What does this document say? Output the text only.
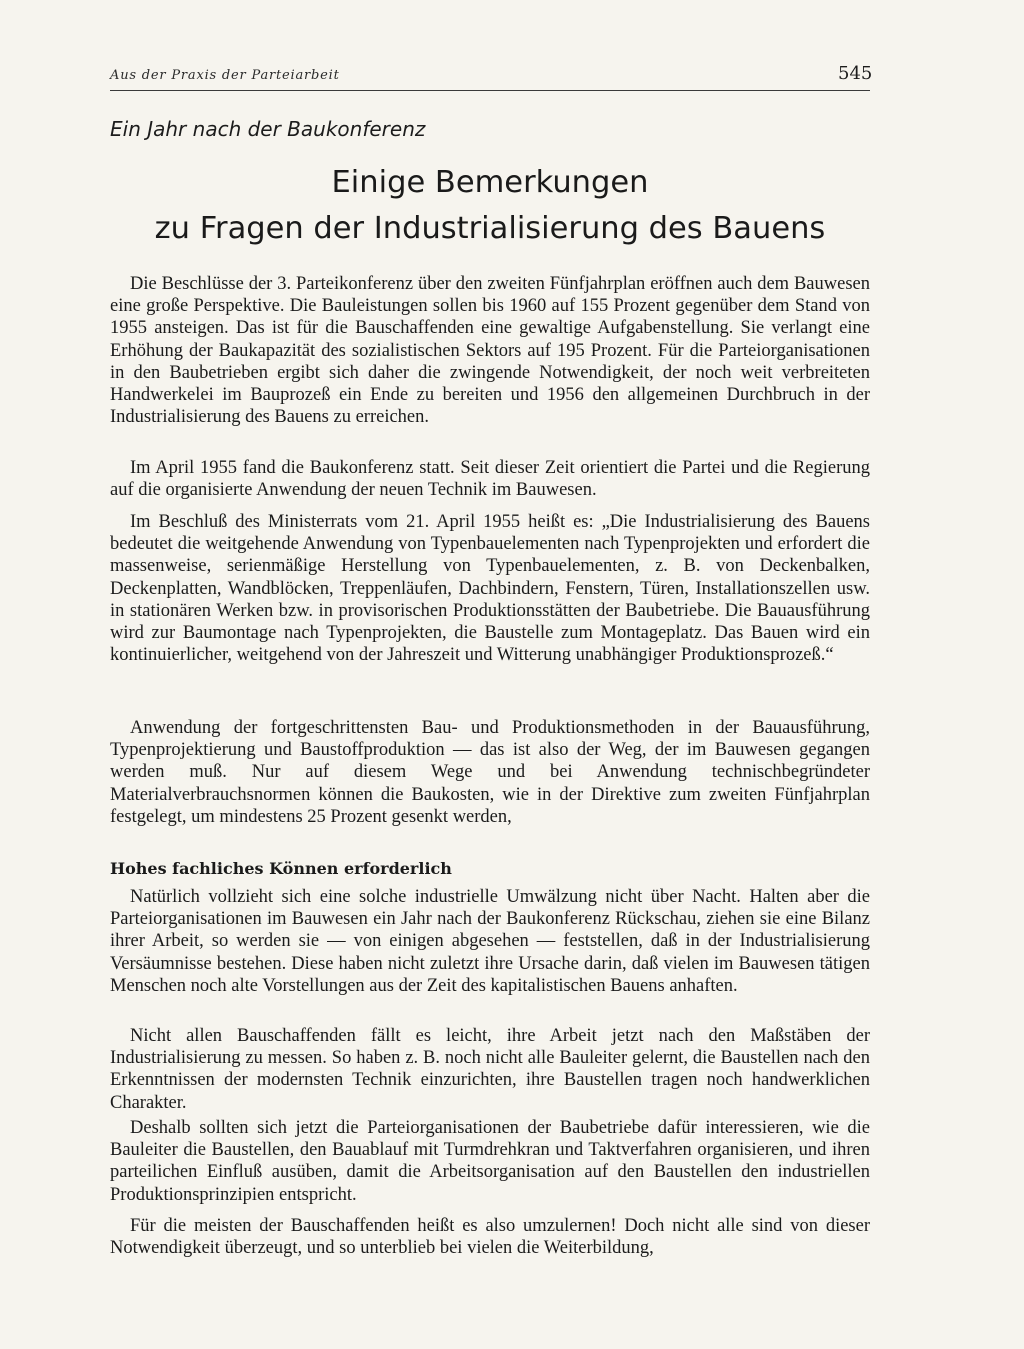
Aus der Praxis der Parteiarbeit	545
Ein Jahr nach der Baukonferenz
Einige Bemerkungen
zu Fragen der Industrialisierung des Bauens

Die Beschlüsse der 3. Parteikonferenz über den zweiten Fünfjahrplan eröffnen auch dem Bauwesen eine große Perspektive. Die Bauleistungen sollen bis 1960 auf 155 Prozent gegenüber dem Stand von 1955 ansteigen. Das ist für die Bauschaffenden eine gewaltige Aufgabenstellung. Sie verlangt eine Erhöhung der Baukapazität des sozialistischen Sektors auf 195 Prozent. Für die Parteiorganisationen in den Baubetrieben ergibt sich daher die zwingende Notwendigkeit, der noch weit verbreiteten Handwerkelei im Bauprozeß ein Ende zu bereiten und 1956 den allgemeinen Durchbruch in der Industrialisierung des Bauens zu erreichen.

Im April 1955 fand die Baukonferenz statt. Seit dieser Zeit orientiert die Partei und die Regierung auf die organisierte Anwendung der neuen Technik im Bauwesen.

Im Beschluß des Ministerrats vom 21. April 1955 heißt es: „Die Industrialisierung des Bauens bedeutet die weitgehende Anwendung von Typenbauelementen nach Typenprojekten und erfordert die massenweise, serienmäßige Herstellung von Typenbauelementen, z. B. von Deckenbalken, Deckenplatten, Wandblöcken, Treppenläufen, Dachbindern, Fenstern, Türen, Installationszellen usw. in stationären Werken bzw. in provisorischen Produktionsstätten der Baubetriebe. Die Bauausführung wird zur Baumontage nach Typenprojekten, die Baustelle zum Montageplatz. Das Bauen wird ein kontinuierlicher, weitgehend von der Jahreszeit und Witterung unabhängiger Produktionsprozeß.“

Anwendung der fortgeschrittensten Bau- und Produktionsmethoden in der Bauausführung, Typenprojektierung und Baustoffproduktion — das ist also der Weg, der im Bauwesen gegangen werden muß. Nur auf diesem Wege und bei Anwendung technischbegründeter Materialverbrauchsnormen können die Baukosten, wie in der Direktive zum zweiten Fünfjahrplan festgelegt, um mindestens 25 Prozent gesenkt werden,

Hohes fachliches Können erforderlich

Natürlich vollzieht sich eine solche industrielle Umwälzung nicht über Nacht. Halten aber die Parteiorganisationen im Bauwesen ein Jahr nach der Baukonferenz Rückschau, ziehen sie eine Bilanz ihrer Arbeit, so werden sie — von einigen abgesehen — feststellen, daß in der Industrialisierung Versäumnisse bestehen. Diese haben nicht zuletzt ihre Ursache darin, daß vielen im Bauwesen tätigen Menschen noch alte Vorstellungen aus der Zeit des kapitalistischen Bauens anhaften.

Nicht allen Bauschaffenden fällt es leicht, ihre Arbeit jetzt nach den Maßstäben der Industrialisierung zu messen. So haben z. B. noch nicht alle Bauleiter gelernt, die Baustellen nach den Erkenntnissen der modernsten Technik einzurichten, ihre Baustellen tragen noch handwerklichen Charakter.

Deshalb sollten sich jetzt die Parteiorganisationen der Baubetriebe dafür interessieren, wie die Bauleiter die Baustellen, den Bauablauf mit Turmdrehkran und Taktverfahren organisieren, und ihren parteilichen Einfluß ausüben, damit die Arbeitsorganisation auf den Baustellen den industriellen Produktionsprinzipien entspricht.

Für die meisten der Bauschaffenden heißt es also umzulernen! Doch nicht alle sind von dieser Notwendigkeit überzeugt, und so unterblieb bei vielen die Weiterbildung,
